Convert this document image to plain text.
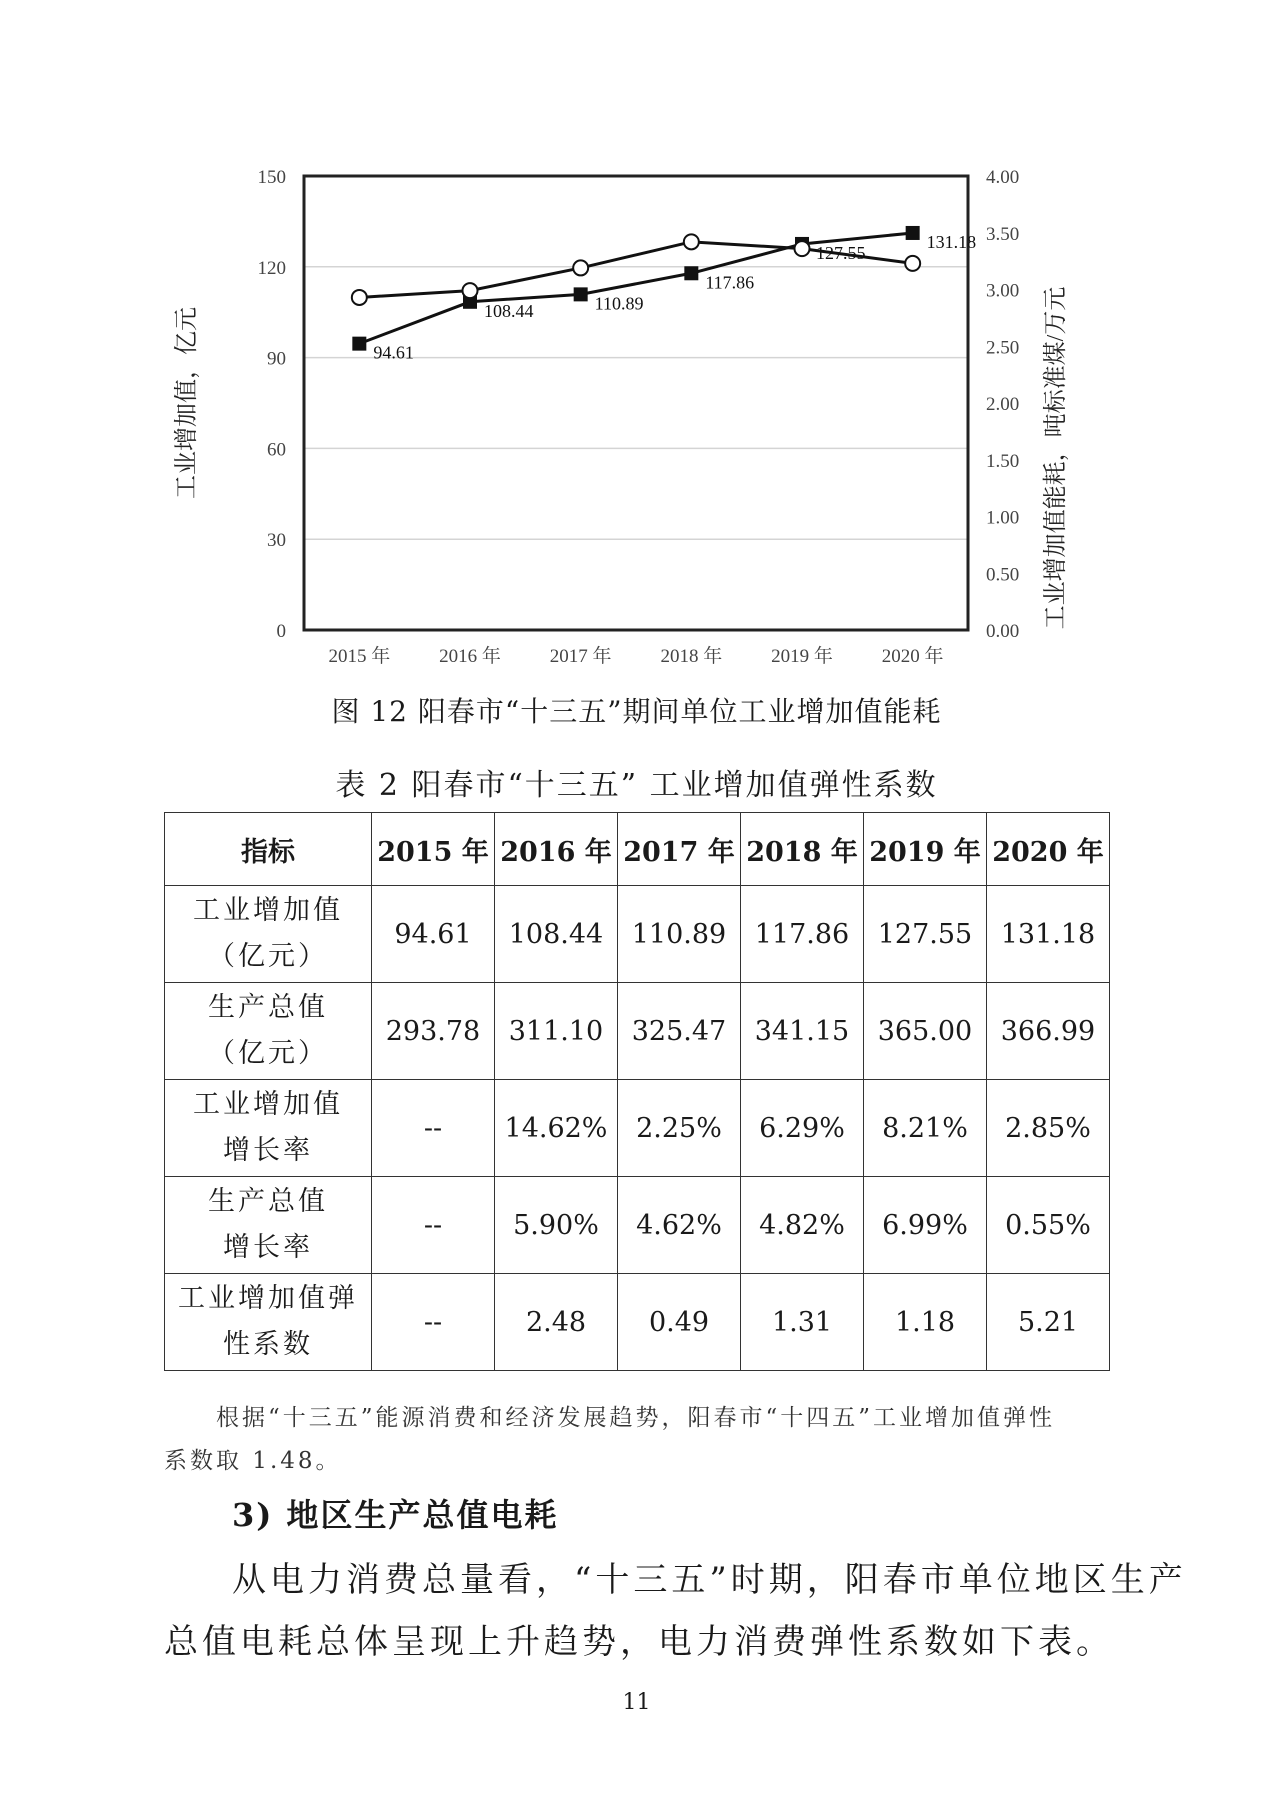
0
30
60
90
120
150
0.00
0.50
1.00
1.50
2.00
2.50
3.00
3.50
4.00
2015 年	2016 年	2017 年	2018 年	2019 年	2020 年
工业增加值，亿元	工业增加值能耗，吨标准煤/万元
94.61
108.44	110.89
117.86
127.55
131.18
图 12 阳春市“十三五”期间单位工业增加值能耗
表 2 阳春市“十三五” 工业增加值弹性系数
指标	2015 年	2016 年	2017 年	2018 年	2019 年	2020 年

工业增加值
（亿元）	94.61	108.44	110.89	117.86	127.55	131.18

生产总值
（亿元）	293.78	311.10	325.47	341.15	365.00	366.99

工业增加值
增长率	--	14.62%	2.25%	6.29%	8.21%	2.85%

生产总值
增长率	--	5.90%	4.62%	4.82%	6.99%	0.55%

工业增加值弹
性系数	--	2.48	0.49	1.31	1.18	5.21
根据“十三五”能源消费和经济发展趋势，阳春市“十四五”工业增加值弹性
系数取 1.48。
3) 地区生产总值电耗
从电力消费总量看，“十三五”时期，阳春市单位地区生产
总值电耗总体呈现上升趋势，电力消费弹性系数如下表。
11
